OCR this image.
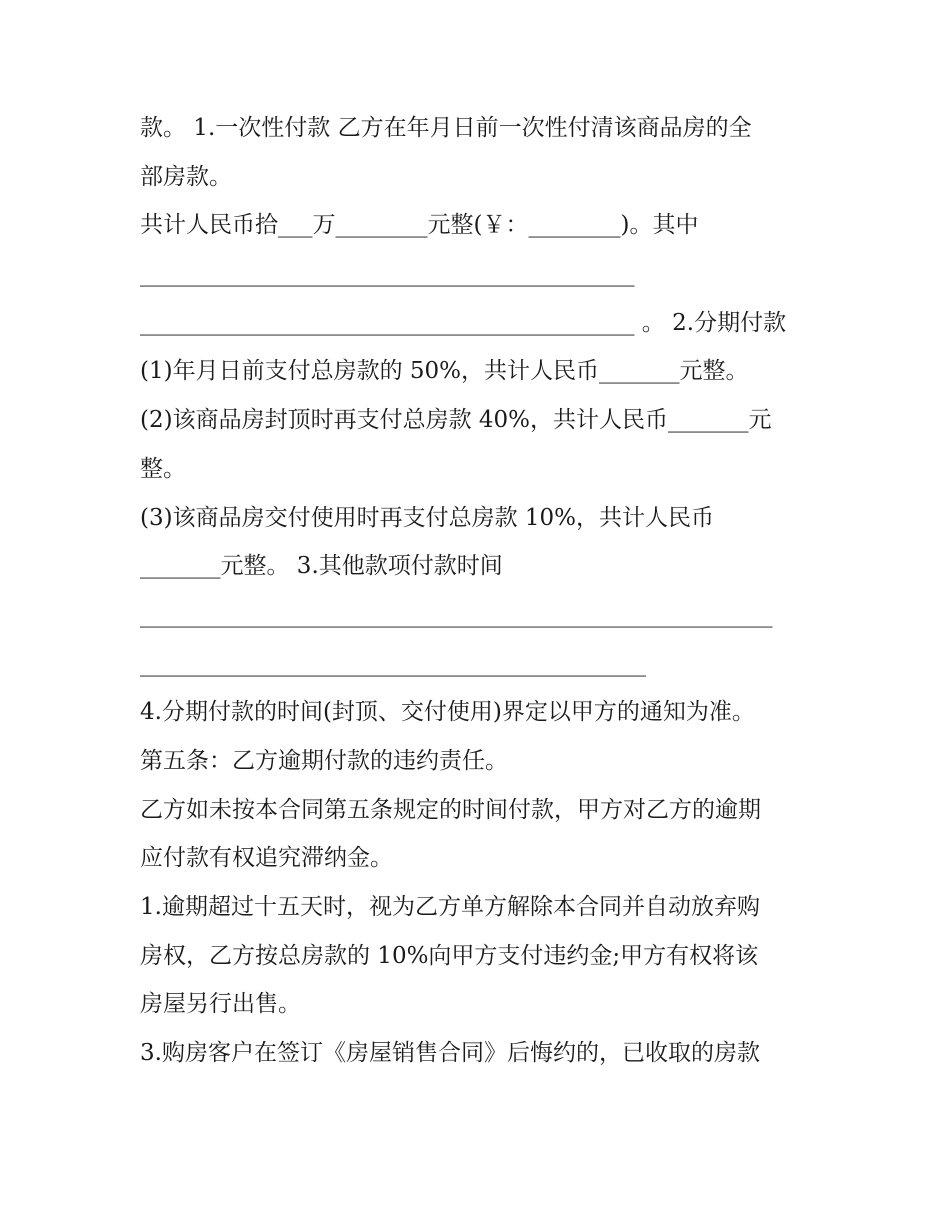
款。 1.一次性付款 乙方在年月日前一次性付清该商品房的全
部房款。
共计人民币拾___万________元整(￥：________)。其中
___________________________________________
___________________________________________ 。 2.分期付款
(1)年月日前支付总房款的 50%，共计人民币_______元整。
(2)该商品房封顶时再支付总房款 40%，共计人民币_______元
整。
(3)该商品房交付使用时再支付总房款 10%，共计人民币
_______元整。 3.其他款项付款时间
_______________________________________________________
____________________________________________
4.分期付款的时间(封顶、交付使用)界定以甲方的通知为准。
第五条：乙方逾期付款的违约责任。
乙方如未按本合同第五条规定的时间付款，甲方对乙方的逾期
应付款有权追究滞纳金。
1.逾期超过十五天时，视为乙方单方解除本合同并自动放弃购
房权，乙方按总房款的 10%向甲方支付违约金;甲方有权将该
房屋另行出售。
3.购房客户在签订《房屋销售合同》后悔约的，已收取的房款
